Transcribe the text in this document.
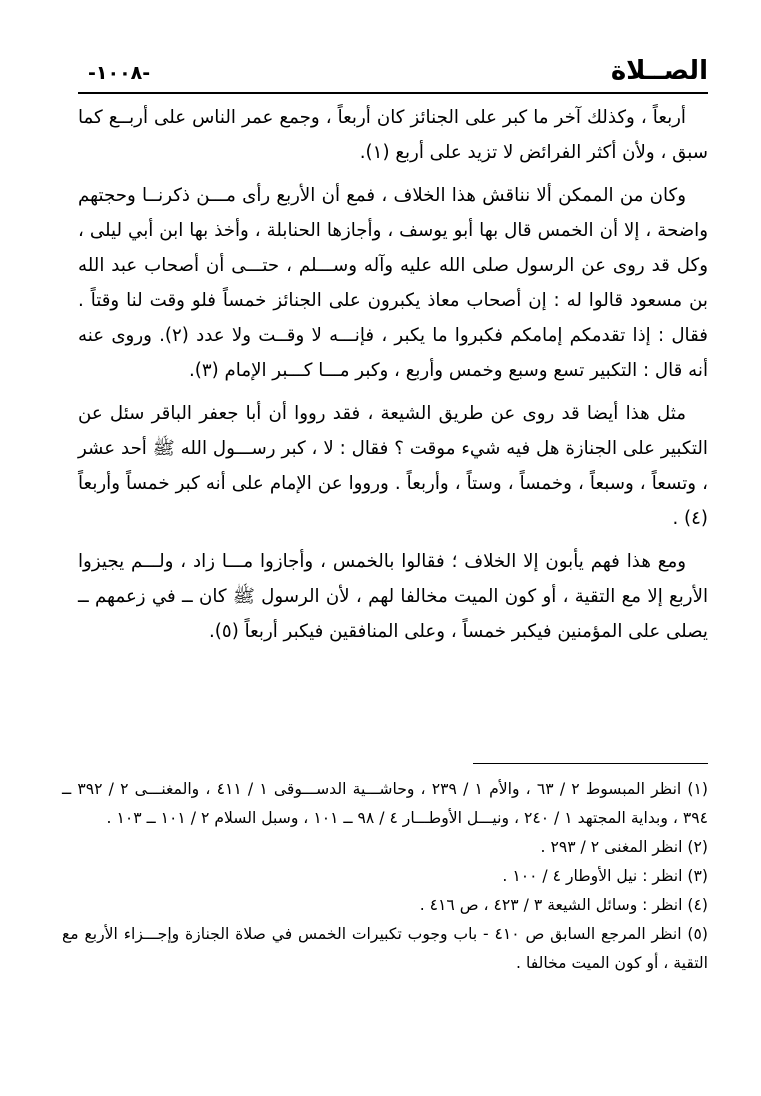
-١٠٠٨-	الصــلاة

أربعاً ، وكذلك آخر ما كبر على الجنائز كان أربعاً ، وجمع عمر الناس على أربــع كما سبق ، ولأن أكثر الفرائض لا تزيد على أربع (١).

وكان من الممكن ألا نناقش هذا الخلاف ، فمع أن الأربع رأى مـــن ذكرنــا وحجتهم واضحة ، إلا أن الخمس قال بها أبو يوسف ، وأجازها الحنابلة ، وأخذ بها ابن أبي ليلى ، وكل قد روى عن الرسول صلى الله عليه وآله وســـلم ، حتـــى أن أصحاب عبد الله بن مسعود قالوا له : إن أصحاب معاذ يكبرون على الجنائز خمساً فلو وقت لنا وقتاً . فقال : إذا تقدمكم إمامكم فكبروا ما يكبر ، فإنـــه لا وقــت ولا عدد (٢). وروى عنه أنه قال : التكبير تسع وسبع وخمس وأربع ، وكبر مـــا كـــبر الإمام (٣).

مثل هذا أيضا قد روى عن طريق الشيعة ، فقد رووا أن أبا جعفر الباقر سئل عن التكبير على الجنازة هل فيه شيء موقت ؟ فقال : لا ، كبر رســـول الله ﷺ أحد عشر ، وتسعاً ، وسبعاً ، وخمساً ، وستاً ، وأربعاً . ورووا عن الإمام على أنه كبر خمساً وأربعاً (٤) .

ومع هذا فهم يأبون إلا الخلاف ؛ فقالوا بالخمس ، وأجازوا مـــا زاد ، ولـــم يجيزوا الأربع إلا مع التقية ، أو كون الميت مخالفا لهم ، لأن الرسول ﷺ كان ــ في زعمهم ــ يصلى على المؤمنين فيكبر خمساً ، وعلى المنافقين فيكبر أربعاً (٥).

(١) انظر المبسوط ٢ / ٦٣ ، والأم ١ / ٢٣٩ ، وحاشـــية الدســـوقى ١ / ٤١١ ، والمغنـــى ٢ / ٣٩٢ ــ ٣٩٤ ، وبداية المجتهد ١ / ٢٤٠ ، ونيـــل الأوطـــار ٤ / ٩٨ ــ ١٠١ ، وسبل السلام ٢ / ١٠١ ــ ١٠٣ .

(٢) انظر المغنى ٢ / ٢٩٣ .

(٣) انظر : نيل الأوطار ٤ / ١٠٠ .

(٤) انظر : وسائل الشيعة ٣ / ٤٢٣ ، ص ٤١٦ .

(٥) انظر المرجع السابق ص ٤١٠ - باب وجوب تكبيرات الخمس في صلاة الجنازة وإجـــزاء الأربع مع التقية ، أو كون الميت مخالفا .
